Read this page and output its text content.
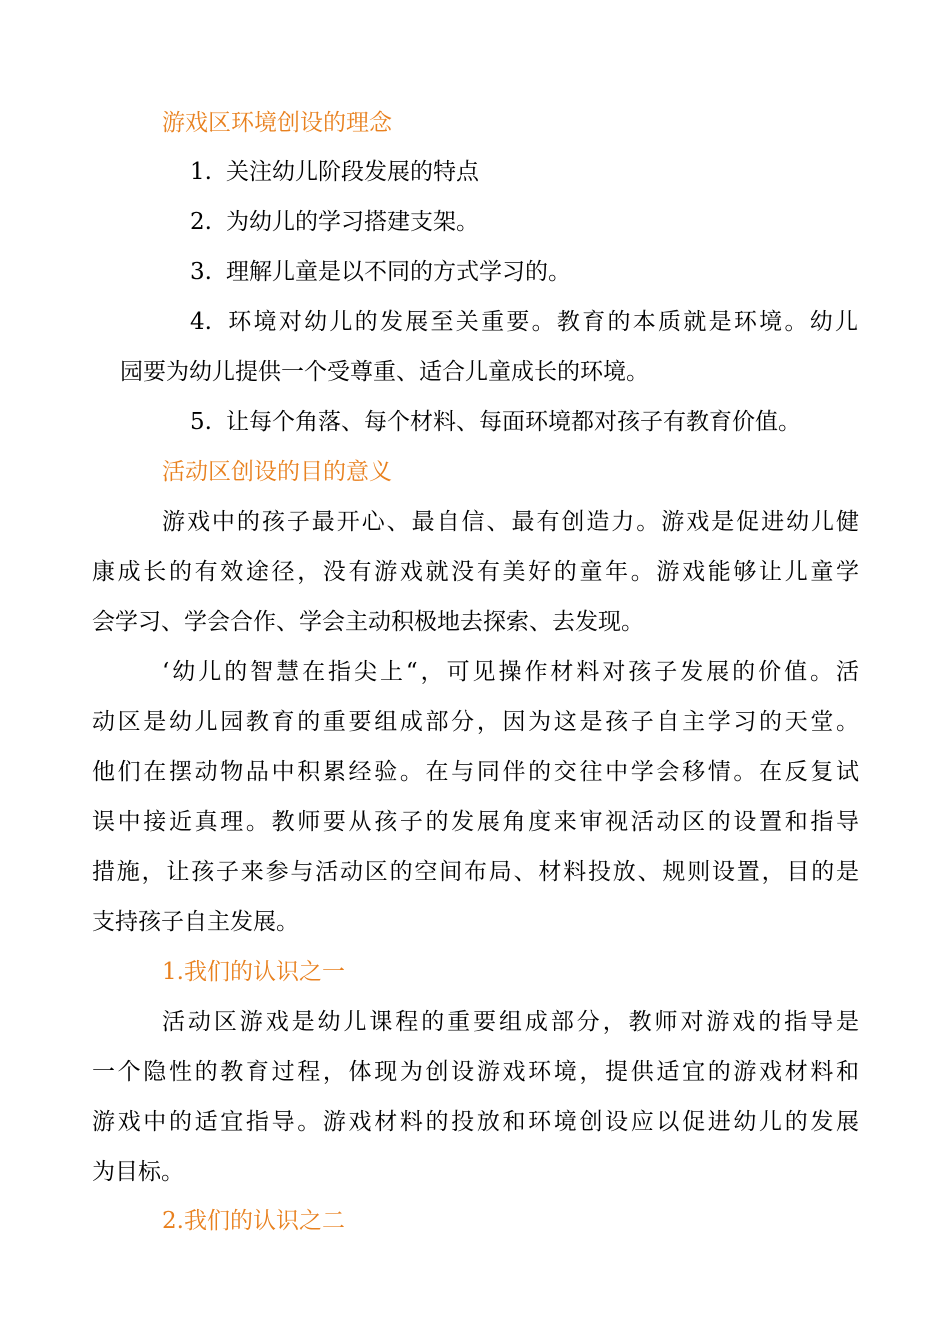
游戏区环境创设的理念

1. 关注幼儿阶段发展的特点

2. 为幼儿的学习搭建支架。

3. 理解儿童是以不同的方式学习的。

4. 环境对幼儿的发展至关重要。教育的本质就是环境。幼儿

园要为幼儿提供一个受尊重、适合儿童成长的环境。

5. 让每个角落、每个材料、每面环境都对孩子有教育价值。

活动区创设的目的意义

游戏中的孩子最开心、最自信、最有创造力。游戏是促进幼儿健

康成长的有效途径，没有游戏就没有美好的童年。游戏能够让儿童学

会学习、学会合作、学会主动积极地去探索、去发现。

‘幼儿的智慧在指尖上“，可见操作材料对孩子发展的价值。活

动区是幼儿园教育的重要组成部分，因为这是孩子自主学习的天堂。

他们在摆动物品中积累经验。在与同伴的交往中学会移情。在反复试

误中接近真理。教师要从孩子的发展角度来审视活动区的设置和指导

措施，让孩子来参与活动区的空间布局、材料投放、规则设置，目的是

支持孩子自主发展。

1.我们的认识之一

活动区游戏是幼儿课程的重要组成部分，教师对游戏的指导是

一个隐性的教育过程，体现为创设游戏环境，提供适宜的游戏材料和

游戏中的适宜指导。游戏材料的投放和环境创设应以促进幼儿的发展

为目标。

2.我们的认识之二
